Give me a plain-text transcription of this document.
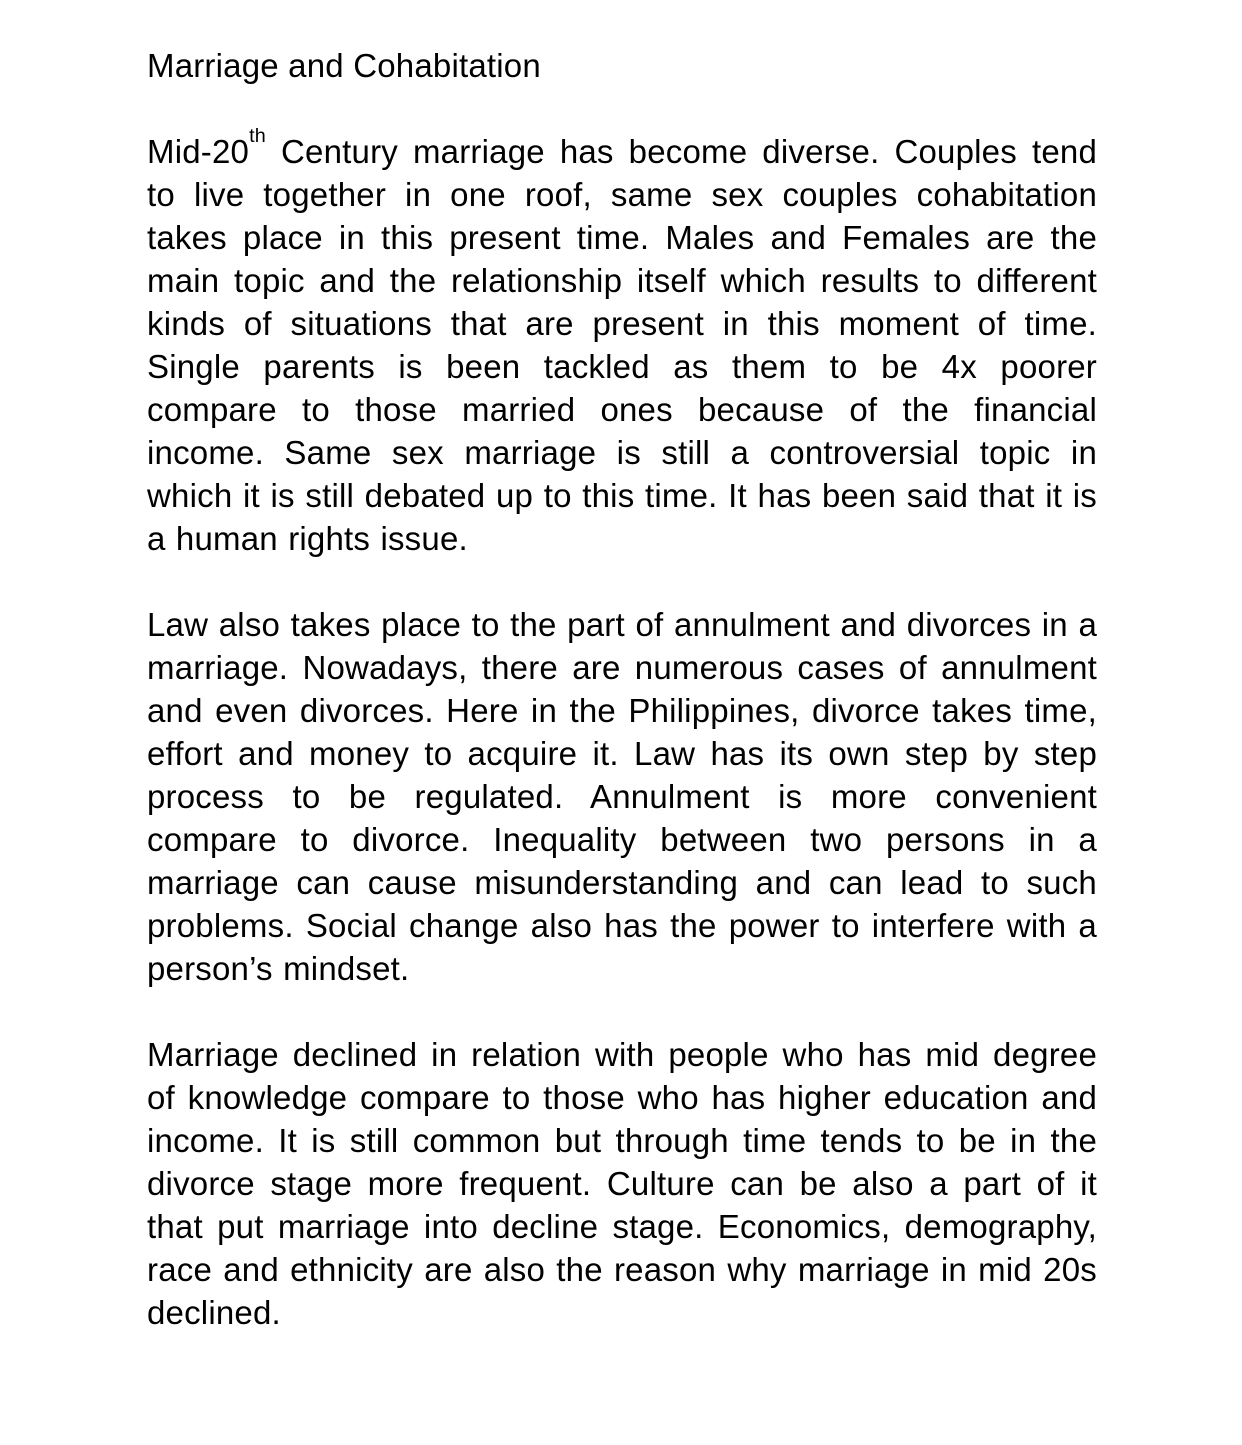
Marriage and Cohabitation

Mid-20th Century marriage has become diverse. Couples tend to live together in one roof, same sex couples cohabitation takes place in this present time. Males and Females are the main topic and the relationship itself which results to different kinds of situations that are present in this moment of time. Single parents is been tackled as them to be 4x poorer compare to those married ones because of the financial income. Same sex marriage is still a controversial topic in which it is still debated up to this time. It has been said that it is a human rights issue.

Law also takes place to the part of annulment and divorces in a marriage. Nowadays, there are numerous cases of annulment and even divorces. Here in the Philippines, divorce takes time, effort and money to acquire it. Law has its own step by step process to be regulated. Annulment is more convenient compare to divorce. Inequality between two persons in a marriage can cause misunderstanding and can lead to such problems. Social change also has the power to interfere with a person’s mindset.

Marriage declined in relation with people who has mid degree of knowledge compare to those who has higher education and income. It is still common but through time tends to be in the divorce stage more frequent. Culture can be also a part of it that put marriage into decline stage. Economics, demography, race and ethnicity are also the reason why marriage in mid 20s declined.
